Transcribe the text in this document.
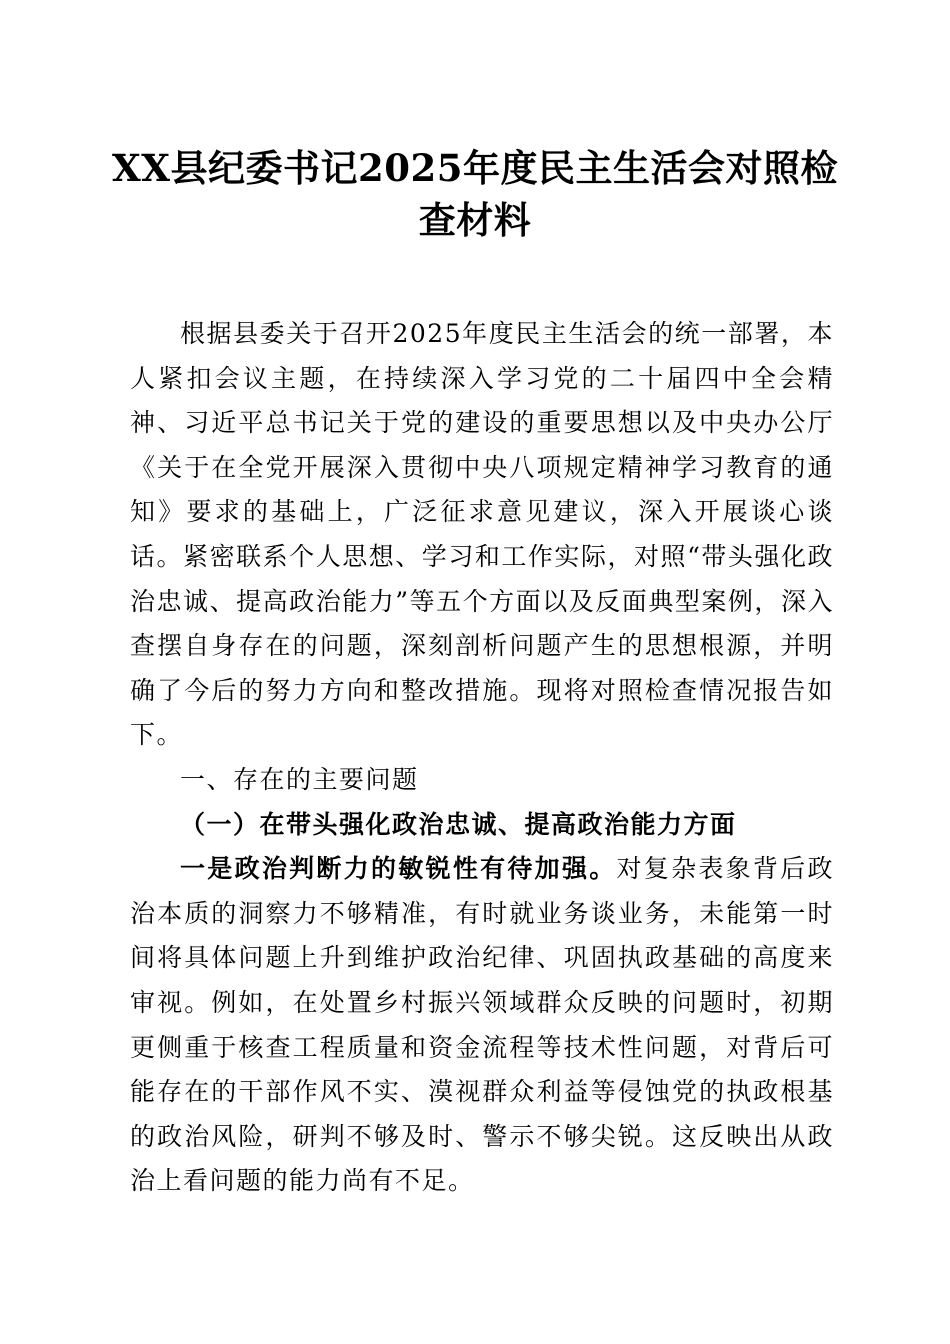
XX县纪委书记2025年度民主生活会对照检查材料

根据县委关于召开2025年度民主生活会的统一部署，本人紧扣会议主题，在持续深入学习党的二十届四中全会精神、习近平总书记关于党的建设的重要思想以及中央办公厅《关于在全党开展深入贯彻中央八项规定精神学习教育的通知》要求的基础上，广泛征求意见建议，深入开展谈心谈话。紧密联系个人思想、学习和工作实际，对照“带头强化政治忠诚、提高政治能力”等五个方面以及反面典型案例，深入查摆自身存在的问题，深刻剖析问题产生的思想根源，并明确了今后的努力方向和整改措施。现将对照检查情况报告如下。

一、存在的主要问题

（一）在带头强化政治忠诚、提高政治能力方面

一是政治判断力的敏锐性有待加强。对复杂表象背后政治本质的洞察力不够精准，有时就业务谈业务，未能第一时间将具体问题上升到维护政治纪律、巩固执政基础的高度来审视。例如，在处置乡村振兴领域群众反映的问题时，初期更侧重于核查工程质量和资金流程等技术性问题，对背后可能存在的干部作风不实、漠视群众利益等侵蚀党的执政根基的政治风险，研判不够及时、警示不够尖锐。这反映出从政治上看问题的能力尚有不足。
